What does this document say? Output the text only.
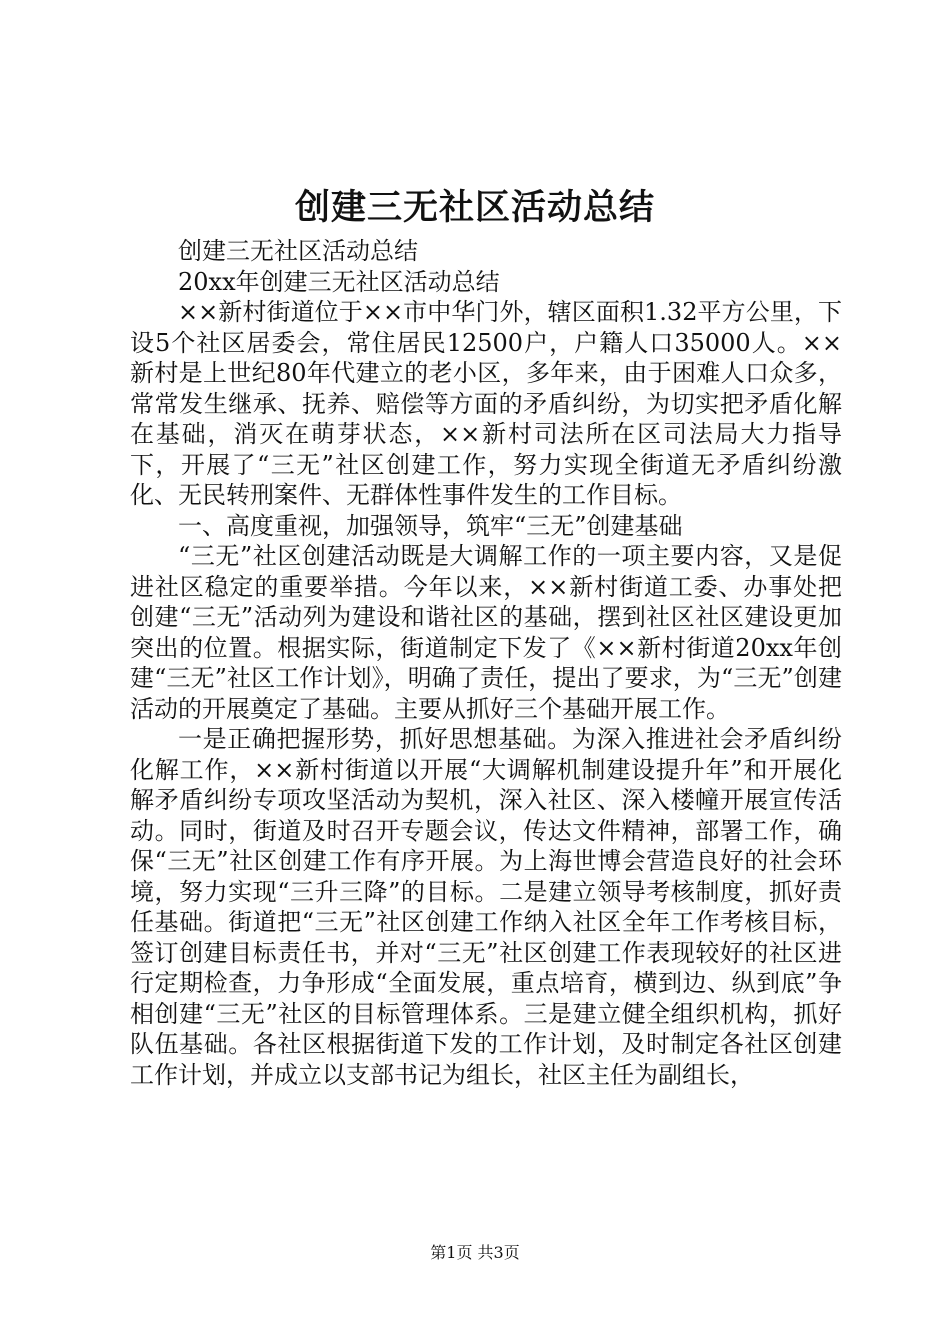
创建三无社区活动总结

创建三无社区活动总结

20xx年创建三无社区活动总结

××新村街道位于××市中华门外，辖区面积1.32平方公里，下设5个社区居委会，常住居民12500户，户籍人口35000人。××新村是上世纪80年代建立的老小区，多年来，由于困难人口众多，常常发生继承、抚养、赔偿等方面的矛盾纠纷，为切实把矛盾化解在基础，消灭在萌芽状态，××新村司法所在区司法局大力指导下，开展了“三无”社区创建工作，努力实现全街道无矛盾纠纷激化、无民转刑案件、无群体性事件发生的工作目标。

一、高度重视，加强领导，筑牢“三无”创建基础

“三无”社区创建活动既是大调解工作的一项主要内容，又是促进社区稳定的重要举措。今年以来，××新村街道工委、办事处把创建“三无”活动列为建设和谐社区的基础，摆到社区社区建设更加突出的位置。根据实际，街道制定下发了《××新村街道20xx年创建“三无”社区工作计划》，明确了责任，提出了要求，为“三无”创建活动的开展奠定了基础。主要从抓好三个基础开展工作。

一是正确把握形势，抓好思想基础。为深入推进社会矛盾纠纷化解工作，××新村街道以开展“大调解机制建设提升年”和开展化解矛盾纠纷专项攻坚活动为契机，深入社区、深入楼幢开展宣传活动。同时，街道及时召开专题会议，传达文件精神，部署工作，确保“三无”社区创建工作有序开展。为上海世博会营造良好的社会环境，努力实现“三升三降”的目标。二是建立领导考核制度，抓好责任基础。街道把“三无”社区创建工作纳入社区全年工作考核目标，签订创建目标责任书，并对“三无”社区创建工作表现较好的社区进行定期检查，力争形成“全面发展，重点培育，横到边、纵到底”争相创建“三无”社区的目标管理体系。三是建立健全组织机构，抓好队伍基础。各社区根据街道下发的工作计划，及时制定各社区创建工作计划，并成立以支部书记为组长，社区主任为副组长，

第1页 共3页
